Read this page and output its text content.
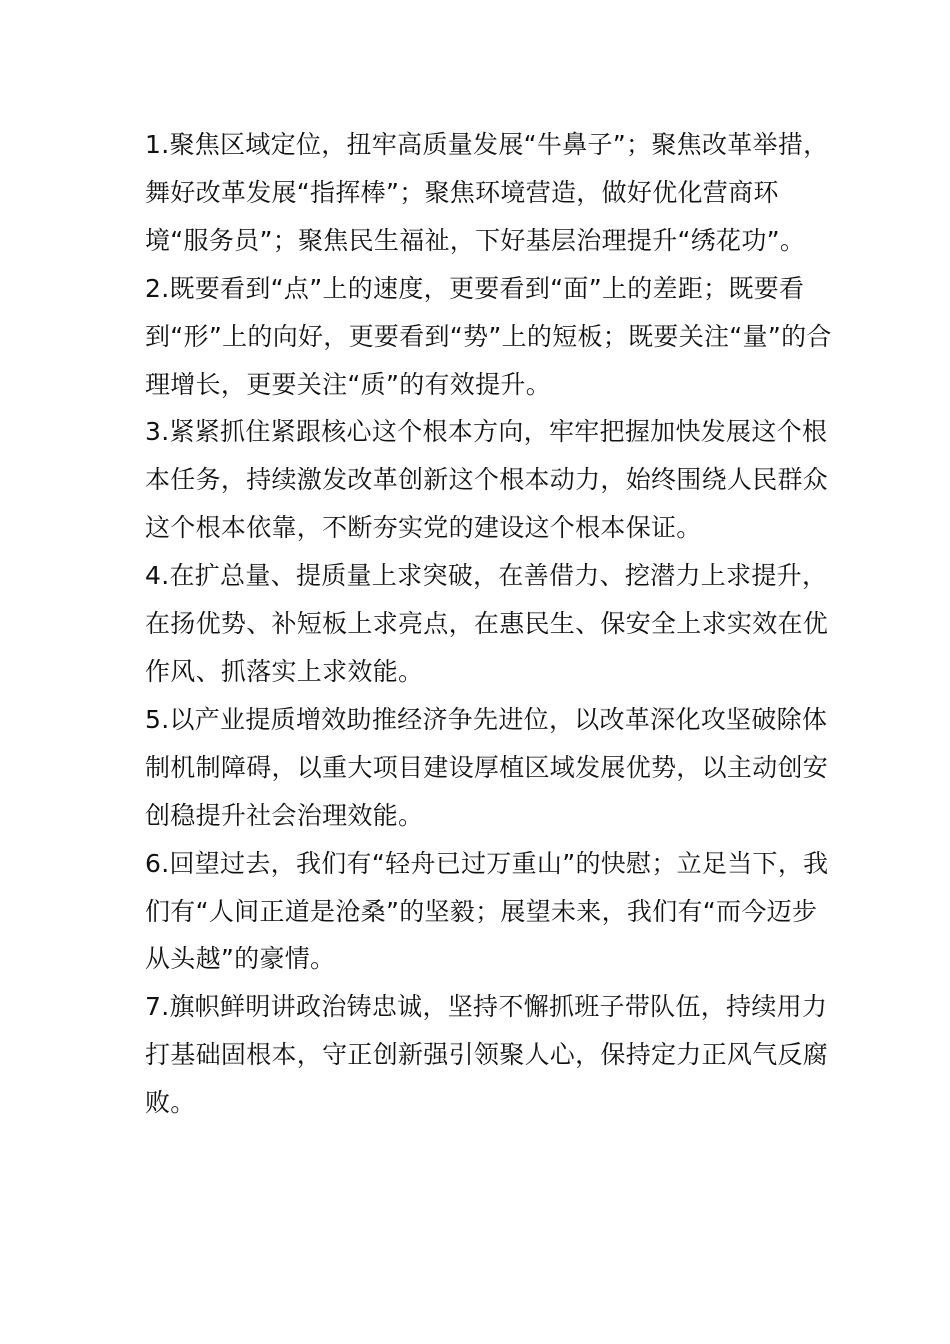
1.聚焦区域定位，扭牢高质量发展“牛鼻子”；聚焦改革举措，舞好改革发展“指挥棒”；聚焦环境营造，做好优化营商环境“服务员”；聚焦民生福祉，下好基层治理提升“绣花功”。

2.既要看到“点”上的速度，更要看到“面”上的差距；既要看到“形”上的向好，更要看到“势”上的短板；既要关注“量”的合理增长，更要关注“质”的有效提升。

3.紧紧抓住紧跟核心这个根本方向，牢牢把握加快发展这个根本任务，持续激发改革创新这个根本动力，始终围绕人民群众这个根本依靠，不断夯实党的建设这个根本保证。

4.在扩总量、提质量上求突破，在善借力、挖潜力上求提升，在扬优势、补短板上求亮点，在惠民生、保安全上求实效在优作风、抓落实上求效能。

5.以产业提质增效助推经济争先进位，以改革深化攻坚破除体制机制障碍，以重大项目建设厚植区域发展优势，以主动创安创稳提升社会治理效能。

6.回望过去，我们有“轻舟已过万重山”的快慰；立足当下，我们有“人间正道是沧桑”的坚毅；展望未来，我们有“而今迈步从头越”的豪情。

7.旗帜鲜明讲政治铸忠诚，坚持不懈抓班子带队伍，持续用力打基础固根本，守正创新强引领聚人心，保持定力正风气反腐败。
